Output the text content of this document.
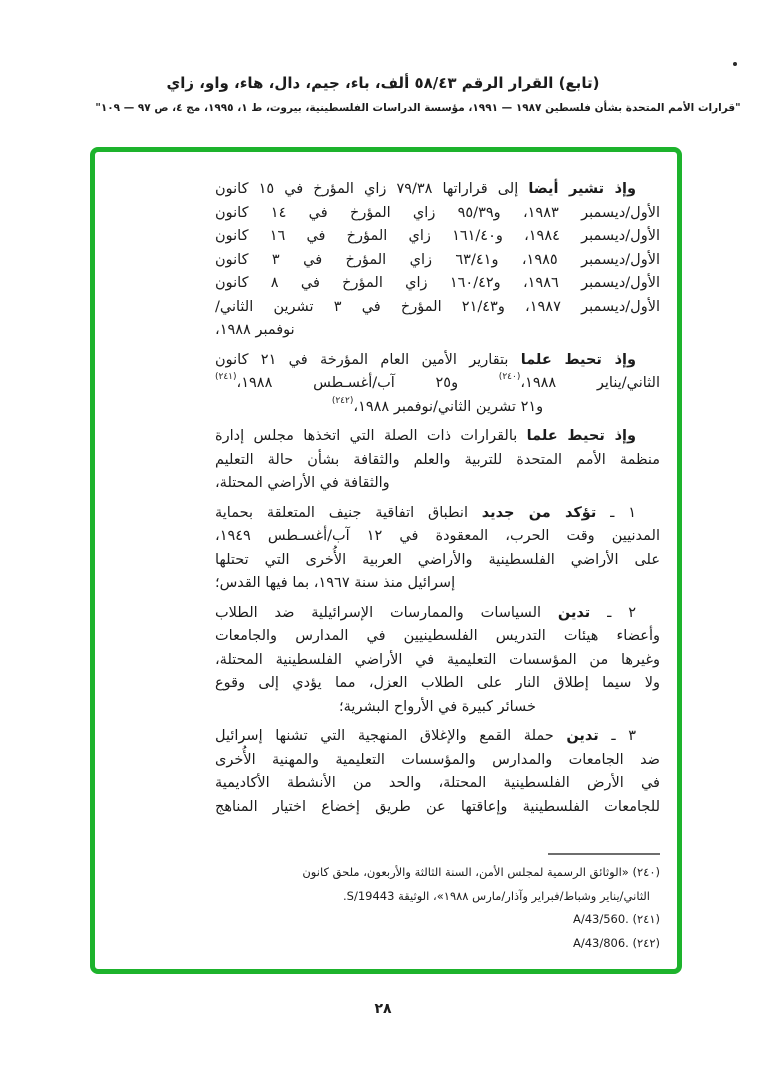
(تابع) القرار الرقم ٥٨/٤٣ ألف، باء، جيم، دال، هاء، واو، زاي
"قرارات الأمم المتحدة بشأن فلسطين ١٩٨٧ — ١٩٩١، مؤسسة الدراسات الفلسطينية، بيروت، ط ١، ١٩٩٥، مج ٤، ص ٩٧ — ١٠٩"
وإذ تشير أيضا إلى قراراتها ٧٩/٣٨ زاي المؤرخ في ١٥ كانون
الأول/ديسمبر ١٩٨٣، و٩٥/٣٩ زاي المؤرخ في ١٤ كانون
الأول/ديسمبر ١٩٨٤، و١٦١/٤٠ زاي المؤرخ في ١٦ كانون
الأول/ديسمبر ١٩٨٥، و٦٣/٤١ زاي المؤرخ في ٣ كانون
الأول/ديسمبر ١٩٨٦، و١٦٠/٤٢ زاي المؤرخ في ٨ كانون
الأول/ديسمبر ١٩٨٧، و٢١/٤٣ المؤرخ في ٣ تشرين الثاني/
نوفمبر ١٩٨٨،
وإذ تحيط علما بتقارير الأمين العام المؤرخة في ٢١ كانون
الثاني/يناير ١٩٨٨،$^{(٢٤٠)}$ و٢٥ آب/أغسـطس ١٩٨٨،$^{(٢٤١)}$
و٢١ تشرين الثاني/نوفمبر ١٩٨٨،$^{(٢٤٢)}$
وإذ تحيط علما بالقرارات ذات الصلة التي اتخذها مجلس إدارة
منظمة الأمم المتحدة للتربية والعلم والثقافة بشأن حالة التعليم
والثقافة في الأراضي المحتلة،
١ ـ تؤكد من جديد انطباق اتفاقية جنيف المتعلقة بحماية
المدنيين وقت الحرب، المعقودة في ١٢ آب/أغسـطس ١٩٤٩،
على الأراضي الفلسطينية والأراضي العربية الأُخرى التي تحتلها
إسرائيل منذ سنة ١٩٦٧، بما فيها القدس؛
٢ ـ تدين السياسات والممارسات الإسرائيلية ضد الطلاب
وأعضاء هيئات التدريس الفلسطينيين في المدارس والجامعات
وغيرها من المؤسسات التعليمية في الأراضي الفلسطينية المحتلة،
ولا سيما إطلاق النار على الطلاب العزل، مما يؤدي إلى وقوع
خسائر كبيرة في الأرواح البشرية؛
٣ ـ تدين حملة القمع والإغلاق المنهجية التي تشنها إسرائيل
ضد الجامعات والمدارس والمؤسسات التعليمية والمهنية الأُخرى
في الأرض الفلسطينية المحتلة، والحد من الأنشطة الأكاديمية
للجامعات الفلسطينية وإعاقتها عن طريق إخضاع اختيار المناهج
(٢٤٠) «الوثائق الرسمية لمجلس الأمن، السنة الثالثة والأربعون، ملحق كانون
الثاني/يناير وشباط/فبراير وآذار/مارس ١٩٨٨»، الوثيقة S/19443.
(٢٤١) A/43/560.
(٢٤٢) A/43/806.
٢٨
